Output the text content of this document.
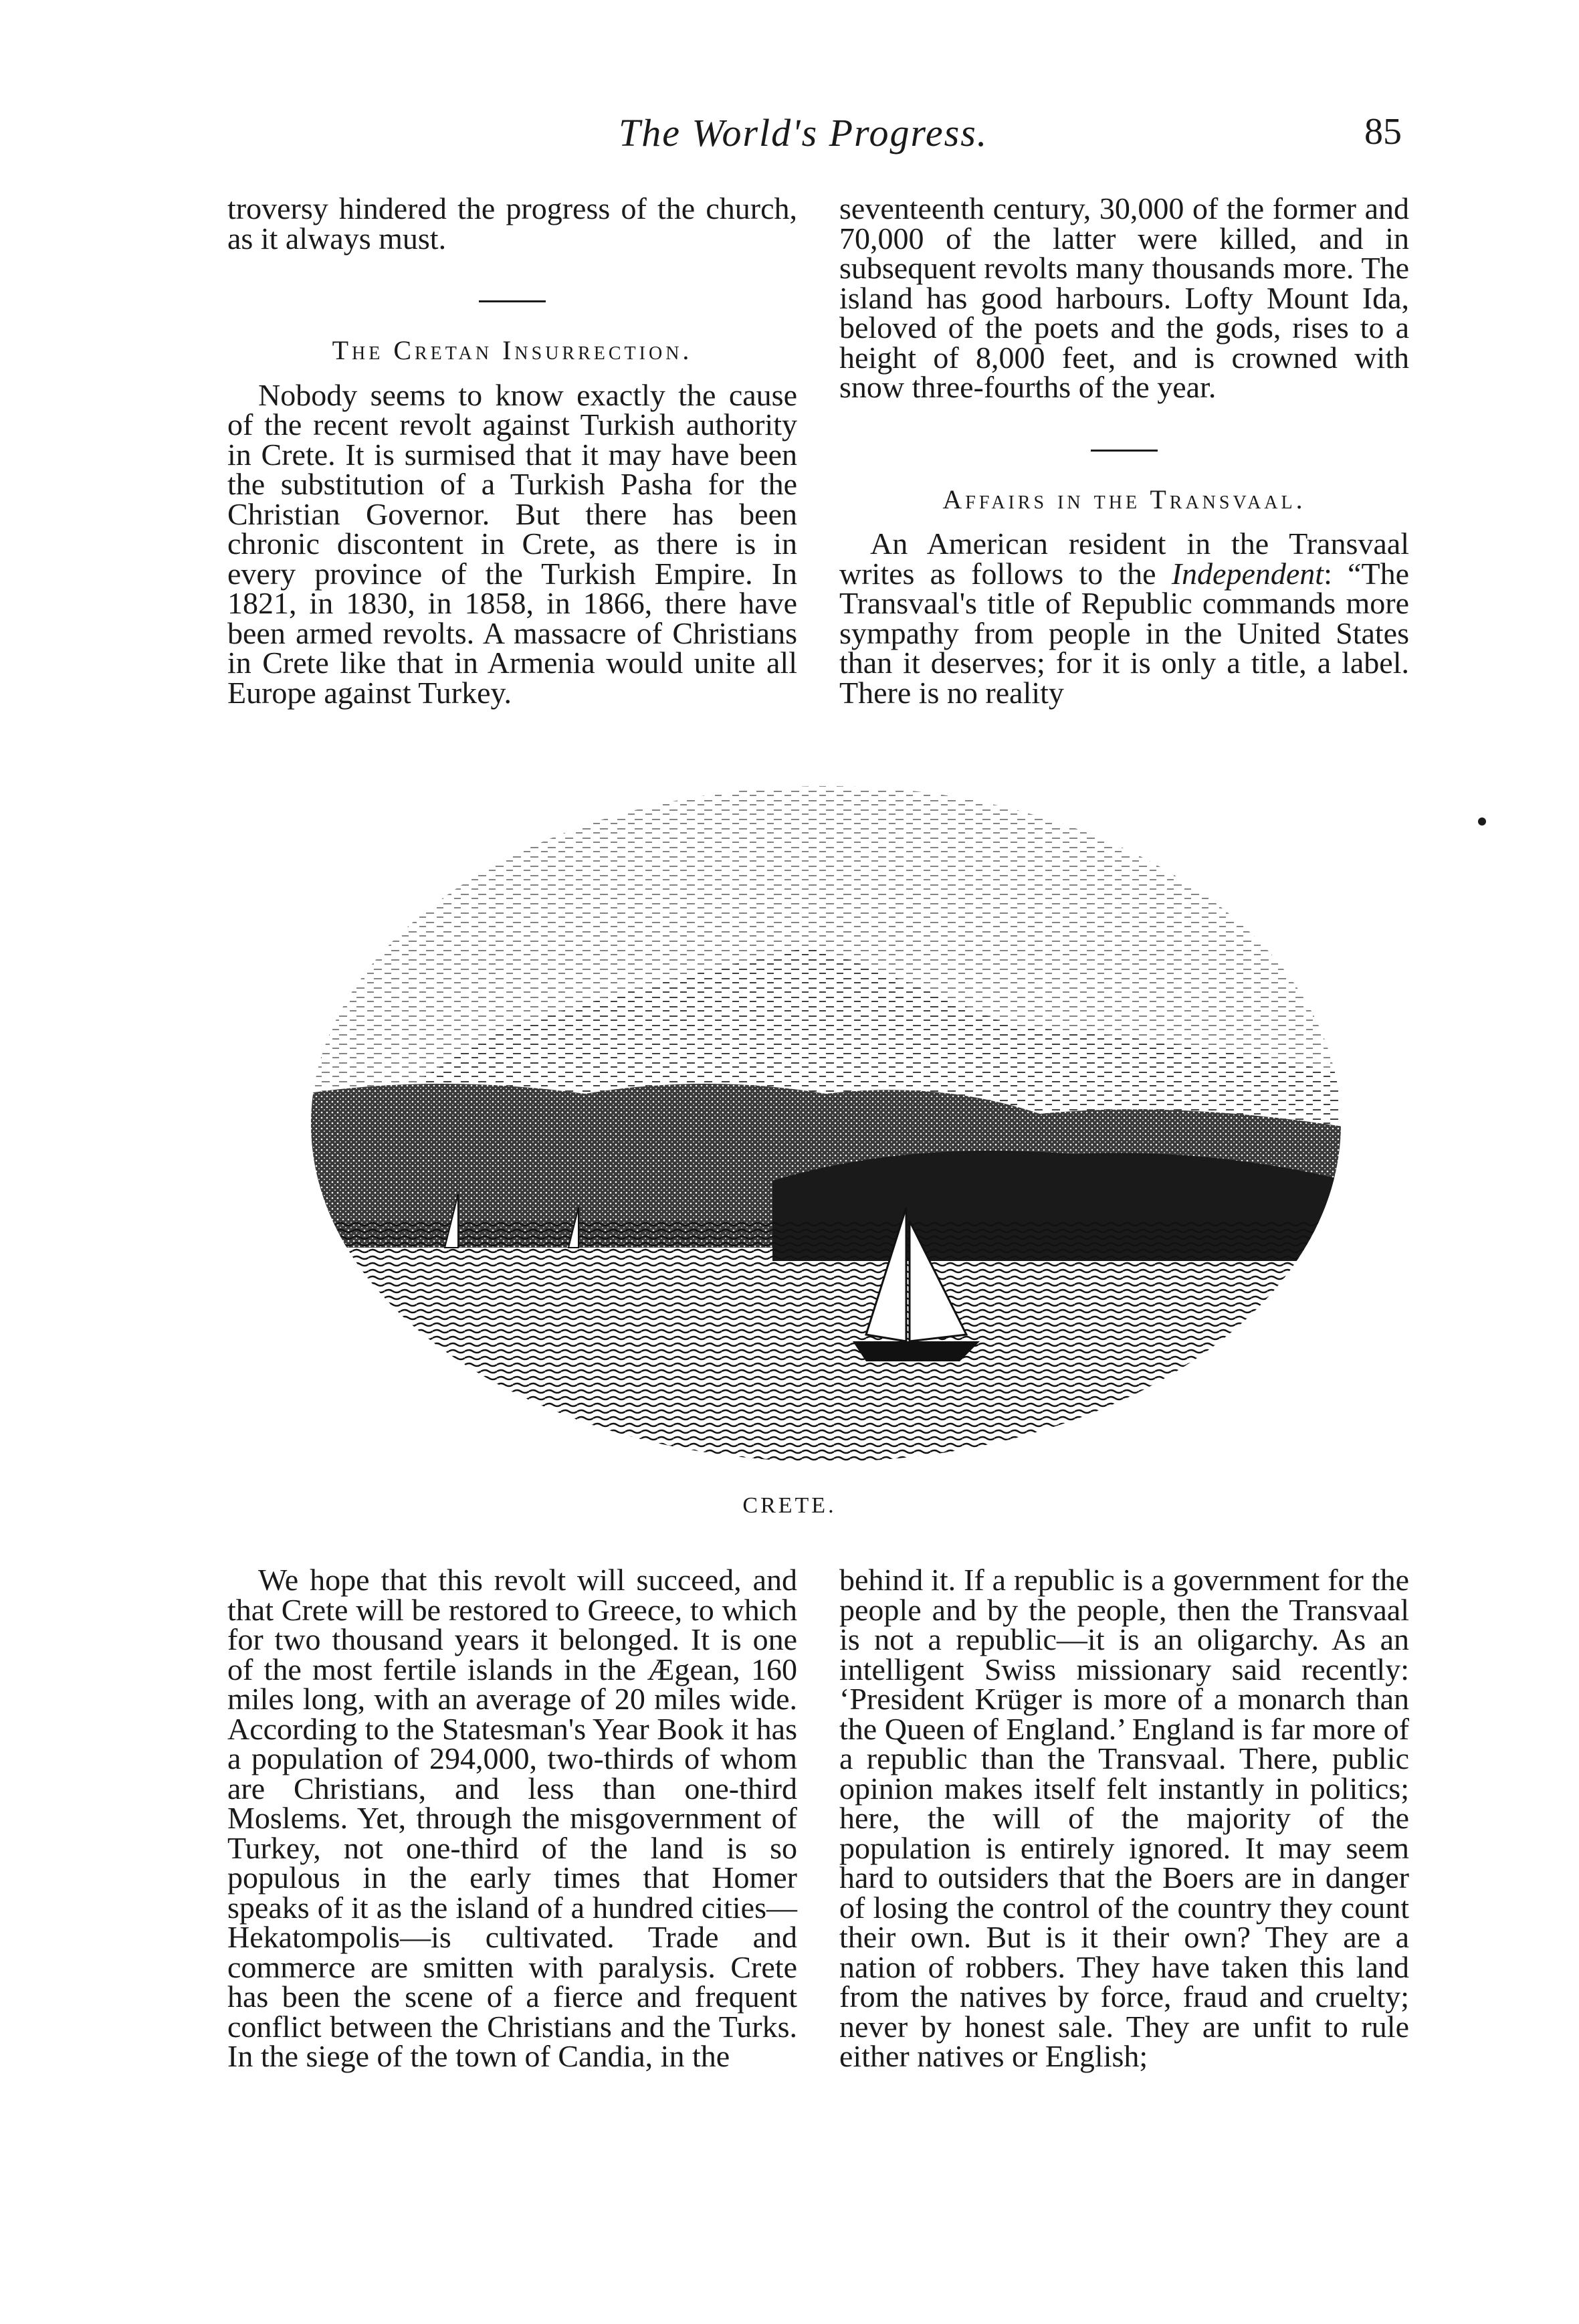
The World's Progress.	85

troversy hindered the progress of the church, as it always must.

The Cretan Insurrection.

Nobody seems to know exactly the cause of the recent revolt against Turkish authority in Crete. It is surmised that it may have been the substitution of a Turkish Pasha for the Christian Governor. But there has been chronic discontent in Crete, as there is in every province of the Turkish Empire. In 1821, in 1830, in 1858, in 1866, there have been armed revolts. A massacre of Christians in Crete like that in Armenia would unite all Europe against Turkey.

seventeenth century, 30,000 of the former and 70,000 of the latter were killed, and in subsequent revolts many thousands more. The island has good harbours. Lofty Mount Ida, beloved of the poets and the gods, rises to a height of 8,000 feet, and is crowned with snow three-fourths of the year.

Affairs in the Transvaal.

An American resident in the Transvaal writes as follows to the Independent: “The Transvaal's title of Republic commands more sympathy from people in the United States than it deserves; for it is only a title, a label. There is no reality

CRETE.

We hope that this revolt will succeed, and that Crete will be restored to Greece, to which for two thousand years it belonged. It is one of the most fertile islands in the Ægean, 160 miles long, with an average of 20 miles wide. According to the Statesman's Year Book it has a population of 294,000, two-thirds of whom are Christians, and less than one-third Moslems. Yet, through the misgovernment of Turkey, not one-third of the land is so populous in the early times that Homer speaks of it as the island of a hundred cities—Hekatompolis—is cultivated. Trade and commerce are smitten with paralysis. Crete has been the scene of a fierce and frequent conflict between the Christians and the Turks. In the siege of the town of Candia, in the

behind it. If a republic is a government for the people and by the people, then the Transvaal is not a republic—it is an oligarchy. As an intelligent Swiss missionary said recently: ‘President Krüger is more of a monarch than the Queen of England.’ England is far more of a republic than the Transvaal. There, public opinion makes itself felt instantly in politics; here, the will of the majority of the population is entirely ignored. It may seem hard to outsiders that the Boers are in danger of losing the control of the country they count their own. But is it their own? They are a nation of robbers. They have taken this land from the natives by force, fraud and cruelty; never by honest sale. They are unfit to rule either natives or English;
